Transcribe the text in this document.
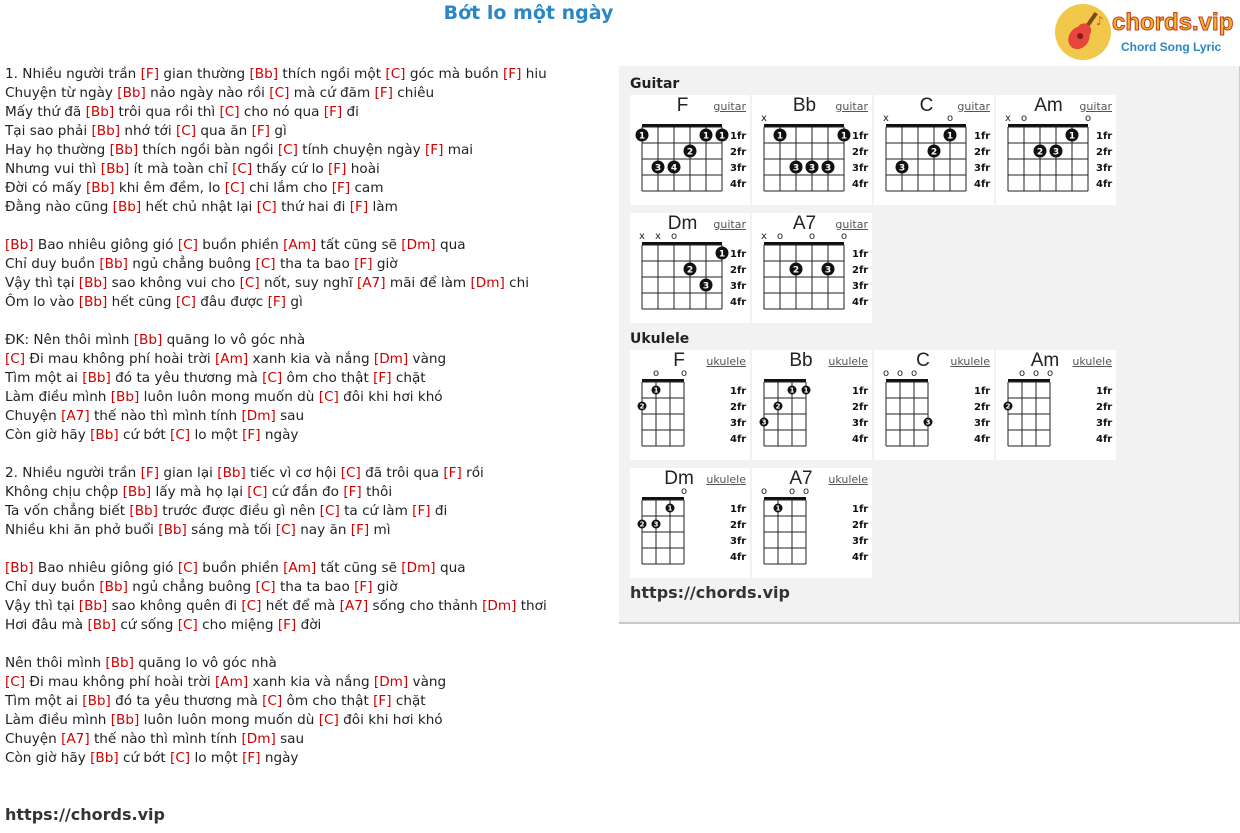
Bớt lo một ngày	♪ chords.vip
Chord Song Lyric
1. Nhiều người trần [F] gian thường [Bb] thích ngồi một [C] góc mà buồn [F] hiu
Chuyện từ ngày [Bb] nảo ngày nào rồi [C] mà cứ đăm [F] chiêu
Mấy thứ đã [Bb] trôi qua rồi thì [C] cho nó qua [F] đi
Tại sao phải [Bb] nhớ tới [C] qua ăn [F] gì
Hay họ thường [Bb] thích ngồi bàn ngồi [C] tính chuyện ngày [F] mai
Nhưng vui thì [Bb] ít mà toàn chỉ [C] thấy cứ lo [F] hoài
Đời có mấy [Bb] khi êm đềm, lo [C] chi lắm cho [F] cam
Đằng nào cũng [Bb] hết chủ nhật lại [C] thứ hai đi [F] làm
[Bb] Bao nhiêu giông gió [C] buồn phiền [Am] tất cũng sẽ [Dm] qua
Chỉ duy buồn [Bb] ngủ chẳng buông [C] tha ta bao [F] giờ
Vậy thì tại [Bb] sao không vui cho [C] nốt, suy nghĩ [A7] mãi để làm [Dm] chi
Ôm lo vào [Bb] hết cũng [C] đâu được [F] gì
ĐK: Nên thôi mình [Bb] quăng lo vô góc nhà
[C] Đi mau không phí hoài trời [Am] xanh kia và nắng [Dm] vàng
Tìm một ai [Bb] đó ta yêu thương mà [C] ôm cho thật [F] chặt
Làm điều mình [Bb] luôn luôn mong muốn dù [C] đôi khi hơi khó
Chuyện [A7] thế nào thì mình tính [Dm] sau
Còn giờ hãy [Bb] cứ bớt [C] lo một [F] ngày
2. Nhiều người trần [F] gian lại [Bb] tiếc vì cơ hội [C] đã trôi qua [F] rồi
Không chịu chộp [Bb] lấy mà họ lại [C] cứ đắn đo [F] thôi
Ta vốn chẳng biết [Bb] trước được điều gì nên [C] ta cứ làm [F] đi
Nhiều khi ăn phở buổi [Bb] sáng mà tối [C] nay ăn [F] mì
[Bb] Bao nhiêu giông gió [C] buồn phiền [Am] tất cũng sẽ [Dm] qua
Chỉ duy buồn [Bb] ngủ chẳng buông [C] tha ta bao [F] giờ
Vậy thì tại [Bb] sao không quên đi [C] hết để mà [A7] sống cho thảnh [Dm] thơi
Hơi đâu mà [Bb] cứ sống [C] cho miệng [F] đời
Nên thôi mình [Bb] quăng lo vô góc nhà
[C] Đi mau không phí hoài trời [Am] xanh kia và nắng [Dm] vàng
Tìm một ai [Bb] đó ta yêu thương mà [C] ôm cho thật [F] chặt
Làm điều mình [Bb] luôn luôn mong muốn dù [C] đôi khi hơi khó
Chuyện [A7] thế nào thì mình tính [Dm] sau
Còn giờ hãy [Bb] cứ bớt [C] lo một [F] ngày
https://chords.vip
Guitar
Ukulele
https://chords.vip
1	1 1
2
3 4
1fr
2fr
3fr
4fr
F	guitar
x
1	1
3 3 3
1fr
2fr
3fr
4fr
Bb	guitar
x	o
1
2
3
1fr
2fr
3fr
4fr
C	guitar
x o	o
1
2 3
1fr
2fr
3fr
4fr
Am	guitar
x x o
1
2
3
1fr
2fr
3fr
4fr
Dm	guitar
x o	o	o
2	3
1fr
2fr
3fr
4fr
A7	guitar
o o
1
2
1fr
2fr
3fr
4fr
F	ukulele
1 1
2
3
1fr
2fr
3fr
4fr
Bb	ukulele
o o o
3
1fr
2fr
3fr
4fr
C	ukulele
o o o
2
1fr
2fr
3fr
4fr
Am	ukulele
o
1
2 3
1fr
2fr
3fr
4fr
Dm	ukulele
o o o
1	1fr
2fr
3fr
4fr
A7	ukulele
